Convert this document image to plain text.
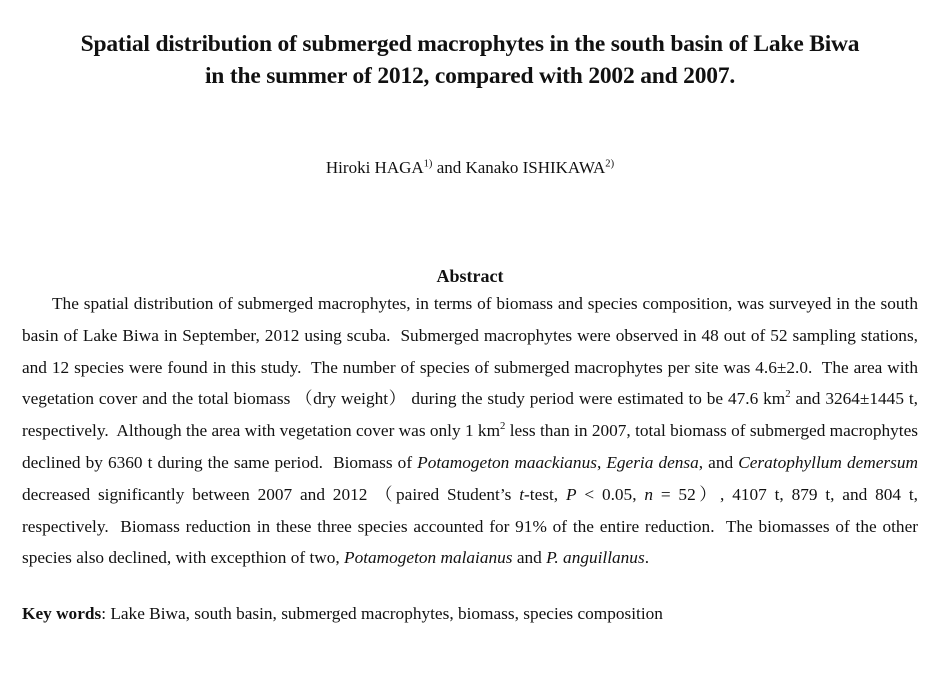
Spatial distribution of submerged macrophytes in the south basin of Lake Biwa
in the summer of 2012, compared with 2002 and 2007.
Hiroki HAGA$^{1)}$ and Kanako ISHIKAWA$^{2)}$
Abstract

The spatial distribution of submerged macrophytes, in terms of biomass and species composition, was surveyed in the south basin of Lake Biwa in September, 2012 using scuba.  Submerged macrophytes were observed in 48 out of 52 sampling stations, and 12 species were found in this study.  The number of species of submerged macrophytes per site was 4.6±2.0.  The area with vegetation cover and the total biomass （dry weight） during the study period were estimated to be 47.6 $km^2$ and 3264±1445 t, respectively.  Although the area with vegetation cover was only 1 $km^2$ less than in 2007, total biomass of submerged macrophytes declined by 6360 t during the same period.  Biomass of Potamogeton maackianus, Egeria densa, and Ceratophyllum demersum decreased significantly between 2007 and 2012 （paired Student’s t-test, P < 0.05, n = 52）, 4107 t, 879 t, and 804 t, respectively.  Biomass reduction in these three species accounted for 91% of the entire reduction.  The biomasses of the other species also declined, with excepthion of two, Potamogeton malaianus and P. anguillanus.

Key words: Lake Biwa, south basin, submerged macrophytes, biomass, species composition
